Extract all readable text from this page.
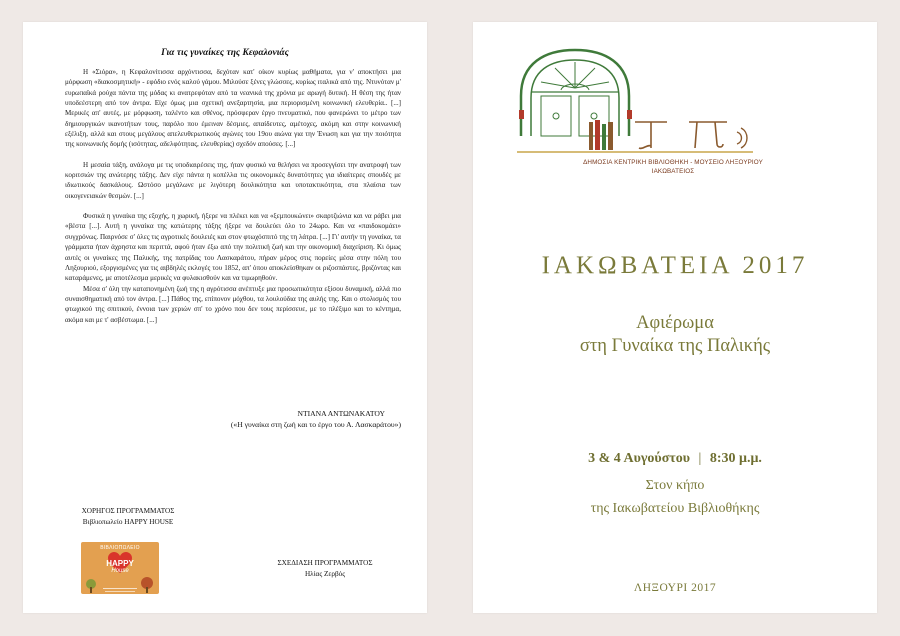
Για τις γυναίκες της Κεφαλονιάς

Η «Σιόρα», η Κεφαλονίτισσα αρχόντισσα, δεχόταν κατ' οίκον κυρίως μαθήματα, για ν' αποκτήσει μια μόρφωση «διακοσμητική» - εφόδιο ενός καλού γάμου. Μιλούσε ξένες γλώσσες, κυρίως ιταλικά από της. Ντυνόταν μ' ευρωπαϊκά ρούχα πάντα της μόδας κι ανατρεφόταν από τα νεανικά της χρόνια με αρωγή δυτική. Η θέση της ήταν υποδεέστερη από τον άντρα. Είχε όμως μια σχετική ανεξαρτησία, μια περιορισμένη κοινωνική ελευθερία.. [...] Μερικές απ' αυτές, με μόρφωση, ταλέντο και σθένος, πρόσφεραν έργο πνευματικό, που φανερώνει το μέτρο των δημιουργικών ικανοτήτων τους, παρόλο που έμειναν δέσμιες, απαίδευτες, αμέτοχες, ακόμη και στην κοινωνική εξέλιξη, αλλά και στους μεγάλους απελευθερωτικούς αγώνες του 19ου αιώνα για την Ένωση και για την ποιότητα της κοινωνικής δομής (ισότητας, αδελφότητας, ελευθερίας) σχεδόν απούσες. [...]

Η μεσαία τάξη, ανάλογα με τις υποδιαιρέσεις της, ήταν φυσικό να θελήσει να προσεγγίσει την ανατροφή των κοριτσιών της ανώτερης τάξης. Δεν είχε πάντα η κοπέλλα τις οικονομικές δυνατότητες για ιδιαίτερες σπουδές με ιδιωτικούς δασκάλους. Ωστόσο μεγάλωνε με λιγότερη δουλικότητα και υποτακτικότητα, στα πλαίσια των οικογενειακών θεσμών. [...]

Φυσικά η γυναίκα της εξοχής, η χωρική, ήξερε να πλέκει και να «ξεμπουκώνει» σκαρτζιώνια και να ράβει μια «βέστα [...]. Αυτή η γυναίκα της κατώτερης τάξης ήξερε να δουλεύει όλο το 24ωρο. Και να «παιδοκομάει» συγχρόνως. Παιρνόσε σ' όλες τις αγροτικές δουλειές και στον φτωχόσπιτό της τη λάτρα. [...] Γι' αυτήν τη γυναίκα, τα γράμματα ήταν άχρηστα και περιττά, αφού ήταν έξω από την πολιτική ζωή και την οικονομική διαχείριση. Κι όμως αυτές οι γυναίκες της Παλικής, της πατρίδας του Λασκαράτου, πήραν μέρος στις πορείες μέσα στην πόλη του Ληξουριού, εξοργισμένες για τις αιβδηλές εκλογές του 1852, απ' όπου αποκλείσθηκαν οι ριζοσπάστες, βριζόντας και καταράμενες, με αποτέλεσμα μερικές να φυλακισθούν και να τιμωρηθούν.

Μέσα σ' όλη την καταπονημένη ζωή της η αγρότισσα ανέπτυξε μια προσωπικότητα εξίσου δυναμική, αλλά πιο συναισθηματική από τον άντρα. [...] Πάθος της, επίπονον μόχθου, τα λουλούδια της αυλής της. Και ο στολισμός του φτωχικού της σπιτικού, έννοια των χεριών σπ' το χρόνο που δεν τους περίσσευε, με το πλέξιμο και το κέντημα, ακόμα και με τ' ασβέστωμα. [...]

ΝΤΙΑΝΑ ΑΝΤΩΝΑΚΑΤΟΥ
(«Η γυναίκα στη ζωή και το έργο του Α. Λασκαράτου»)
ΧΟΡΗΓΟΣ ΠΡΟΓΡΑΜΜΑΤΟΣ
Βιβλιοπωλείο HAPPY HOUSE
ΒΙΒΛΙΟΠΩΛΕΙΟ
HAPPY
House
ΣΧΕΔΙΑΣΗ ΠΡΟΓΡΑΜΜΑΤΟΣ
Ηλίας Ζερβός
ΔΗΜΟΣΙΑ ΚΕΝΤΡΙΚΗ ΒΙΒΛΙΟΘΗΚΗ - ΜΟΥΣΕΙΟ ΛΗΞΟΥΡΙΟΥ
ΙΑΚΩΒΑΤΕΙΟΣ
ΙΑΚΩΒΑΤΕΙΑ 2017
Αφιέρωμα
στη Γυναίκα της Παλικής
3 & 4 Αυγούστου | 8:30 μ.μ.
Στον κήπο
της Ιακωβατείου Βιβλιοθήκης
ΛΗΞΟΥΡΙ 2017
